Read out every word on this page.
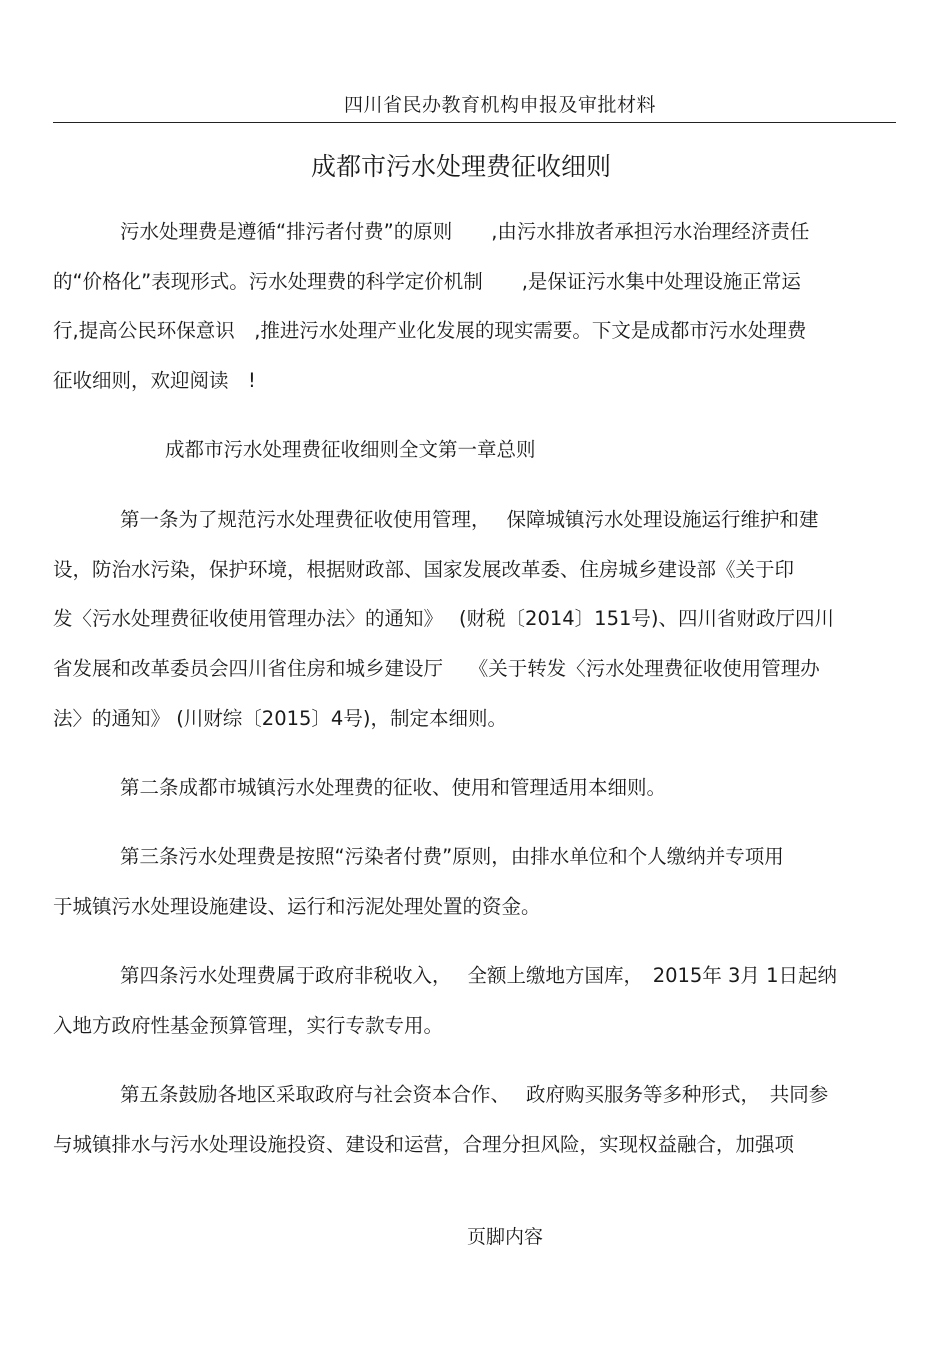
四川省民办教育机构申报及审批材料
成都市污水处理费征收细则
污水处理费是遵循“排污者付费”的原则　　,由污水排放者承担污水治理经济责任
的“价格化”表现形式。污水处理费的科学定价机制　　,是保证污水集中处理设施正常运
行,提高公民环保意识　,推进污水处理产业化发展的现实需要。下文是成都市污水处理费
征收细则，欢迎阅读　!
成都市污水处理费征收细则全文第一章总则
第一条为了规范污水处理费征收使用管理，　 保障城镇污水处理设施运行维护和建
设，防治水污染，保护环境，根据财政部、国家发展改革委、住房城乡建设部《关于印
发〈污水处理费征收使用管理办法〉的通知》　 (财税〔2014〕151号)、四川省财政厅四川
省发展和改革委员会四川省住房和城乡建设厅　 《关于转发〈污水处理费征收使用管理办
法〉的通知》 (川财综〔2015〕4号)，制定本细则。
第二条成都市城镇污水处理费的征收、使用和管理适用本细则。
第三条污水处理费是按照“污染者付费”原则，由排水单位和个人缴纳并专项用
于城镇污水处理设施建设、运行和污泥处理处置的资金。
第四条污水处理费属于政府非税收入，　 全额上缴地方国库，　2015年 3月 1日起纳
入地方政府性基金预算管理，实行专款专用。
第五条鼓励各地区采取政府与社会资本合作、　 政府购买服务等多种形式，　共同参
与城镇排水与污水处理设施投资、建设和运营，合理分担风险，实现权益融合，加强项
页脚内容
